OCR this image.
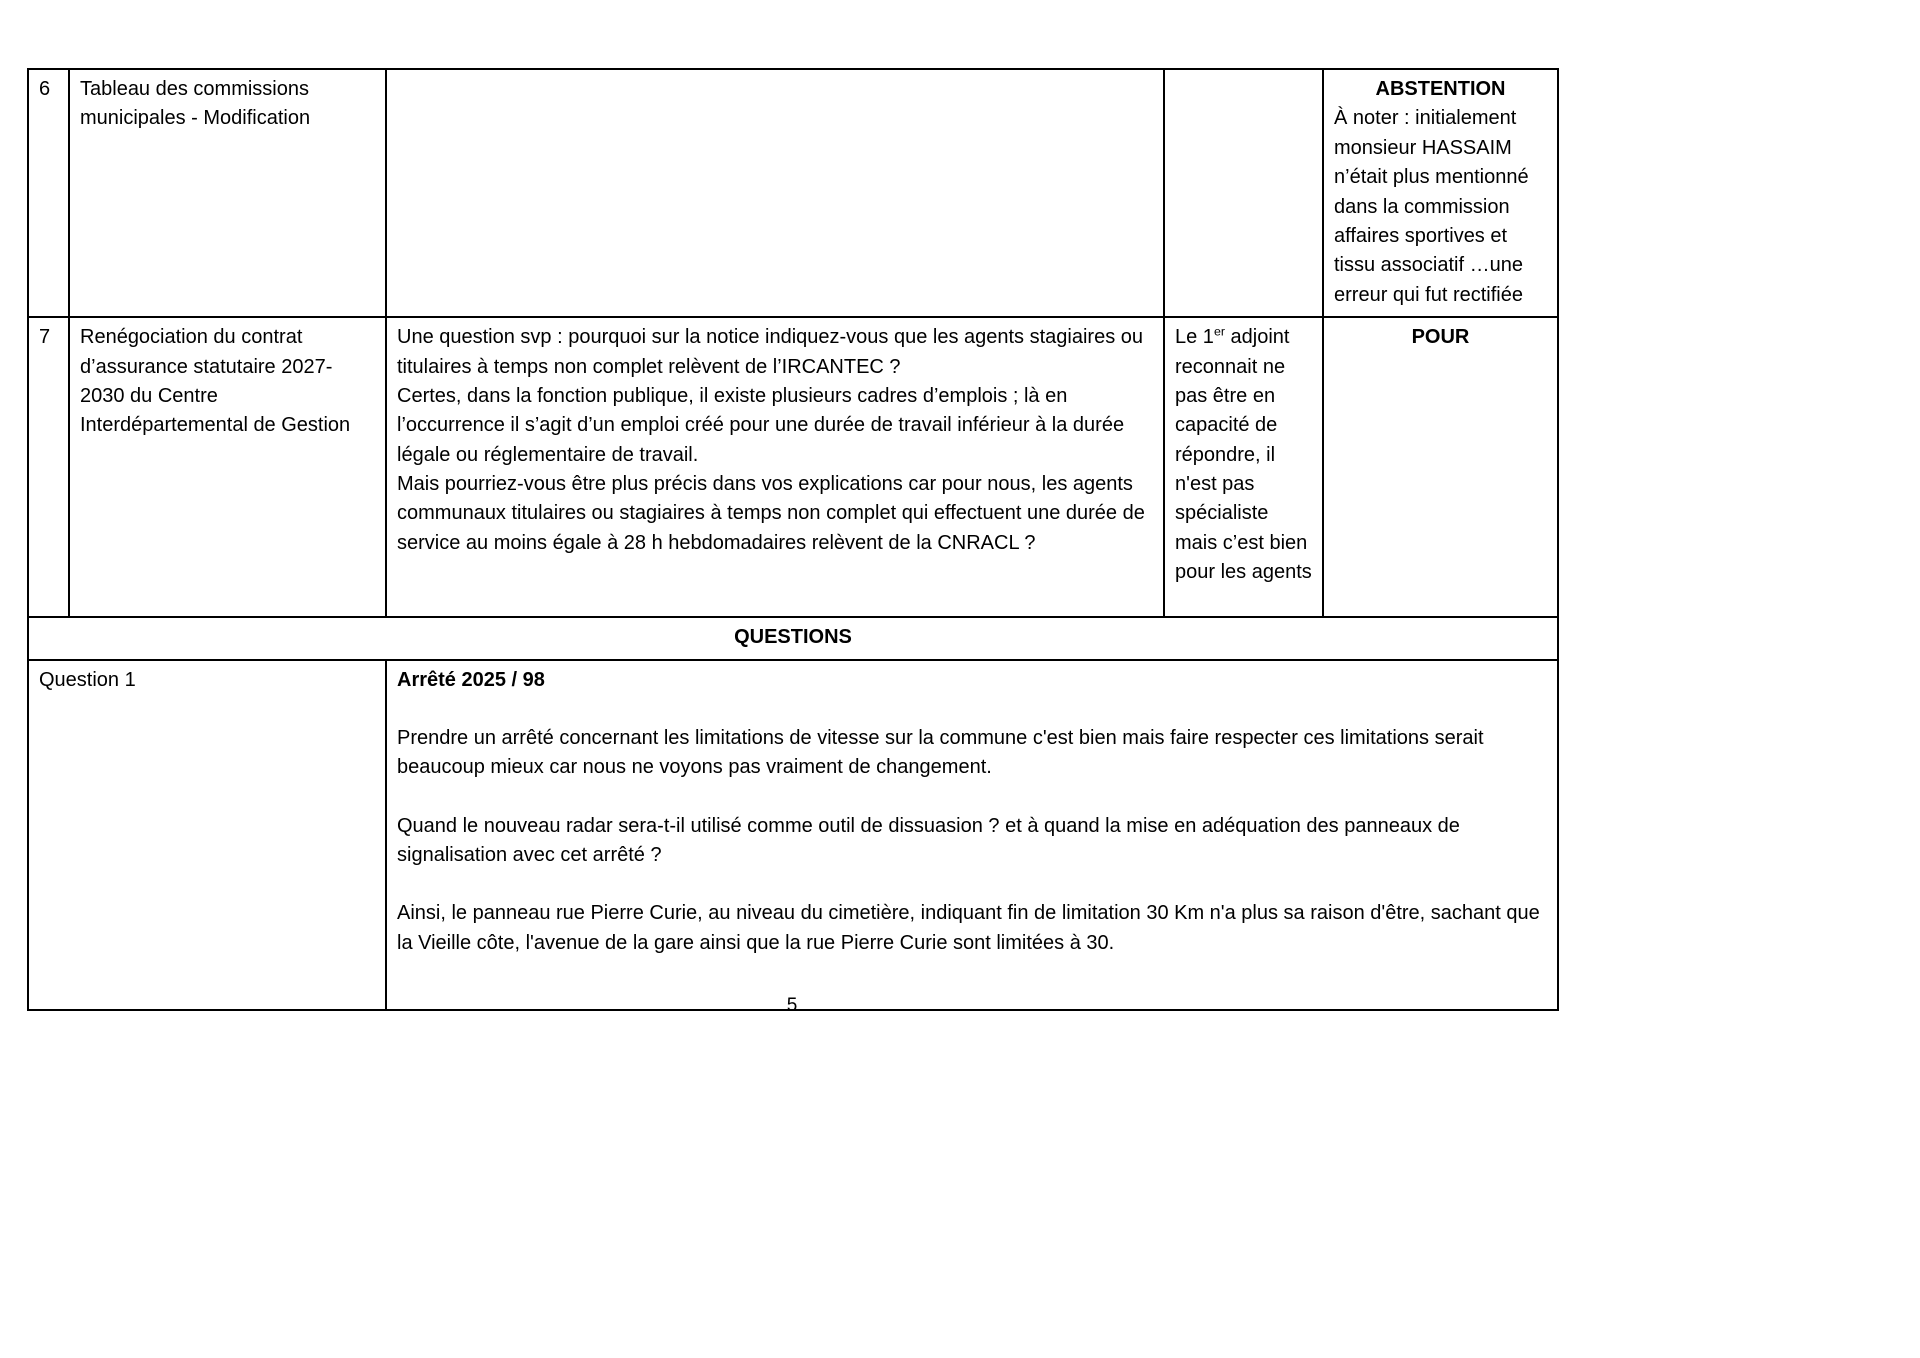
6	Tableau des commissions municipales - Modification			ABSTENTION
À noter : initialement monsieur HASSAIM n’était plus mentionné dans la commission affaires sportives et tissu associatif …une erreur qui fut rectifiée

7	Renégociation du contrat d’assurance statutaire 2027-2030 du Centre Interdépartemental de Gestion	Une question svp : pourquoi sur la notice indiquez-vous que les agents stagiaires ou titulaires à temps non complet relèvent de l’IRCANTEC ?
Certes, dans la fonction publique, il existe plusieurs cadres d’emplois ; là en l’occurrence il s’agit d’un emploi créé pour une durée de travail inférieur à la durée légale ou réglementaire de travail.
Mais pourriez-vous être plus précis dans vos explications car pour nous, les agents communaux titulaires ou stagiaires à temps non complet qui effectuent une durée de service au moins égale à 28 h hebdomadaires relèvent de la CNRACL ?	Le 1er adjoint reconnait ne pas être en capacité de répondre, il n'est pas spécialiste mais c’est bien pour les agents	POUR
QUESTIONS				
Question 1		Arrêté 2025 / 98
Prendre un arrêté concernant les limitations de vitesse sur la commune c'est bien mais faire respecter ces limitations serait beaucoup mieux car nous ne voyons pas vraiment de changement.
Quand le nouveau radar sera-t-il utilisé comme outil de dissuasion ? et à quand la mise en adéquation des panneaux de signalisation avec cet arrêté ?
Ainsi, le panneau rue Pierre Curie, au niveau du cimetière, indiquant fin de limitation 30 Km n'a plus sa raison d'être, sachant que la Vieille côte, l'avenue de la gare ainsi que la rue Pierre Curie sont limitées à 30.		
5
